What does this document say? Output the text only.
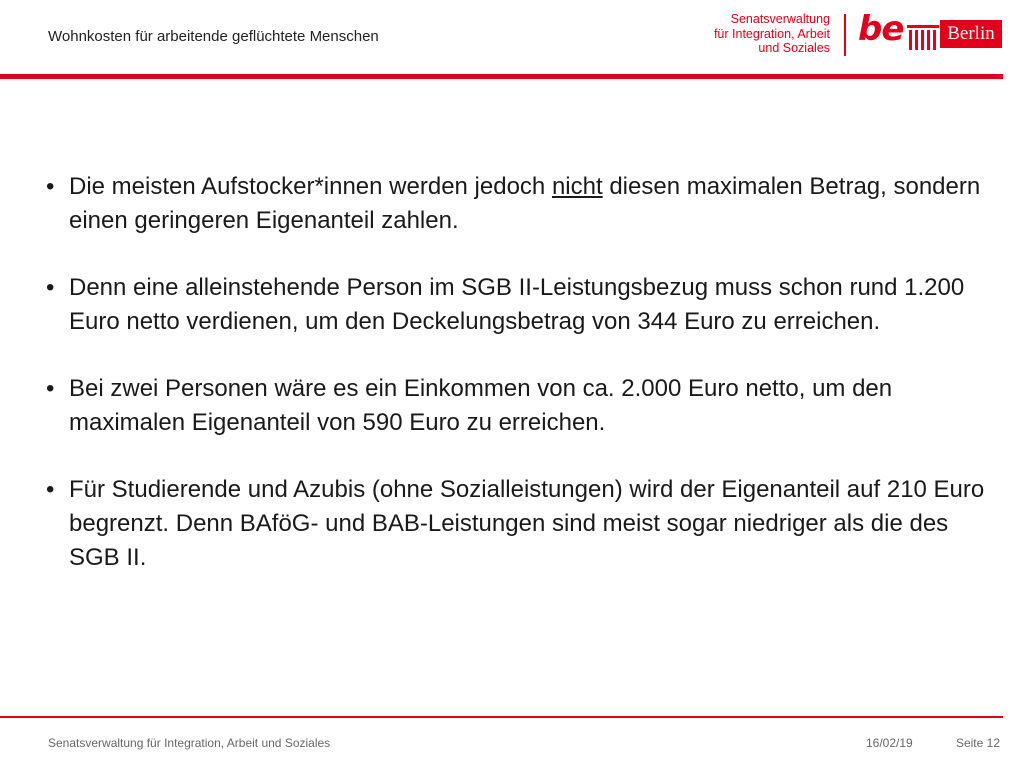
Wohnkosten für arbeitende geflüchtete Menschen
Senatsverwaltung
für Integration, Arbeit
und Soziales be	Berlin

• Die meisten Aufstocker*innen werden jedoch nicht diesen maximalen Betrag, sondern einen geringeren Eigenanteil zahlen.

• Denn eine alleinstehende Person im SGB II-Leistungsbezug muss schon rund 1.200 Euro netto verdienen, um den Deckelungsbetrag von 344 Euro zu erreichen.

• Bei zwei Personen wäre es ein Einkommen von ca. 2.000 Euro netto, um den maximalen Eigenanteil von 590 Euro zu erreichen.

• Für Studierende und Azubis (ohne Sozialleistungen) wird der Eigenanteil auf 210 Euro begrenzt. Denn BAföG- und BAB-Leistungen sind meist sogar niedriger als die des SGB II.

Senatsverwaltung für Integration, Arbeit und Soziales	16/02/19	Seite 12
